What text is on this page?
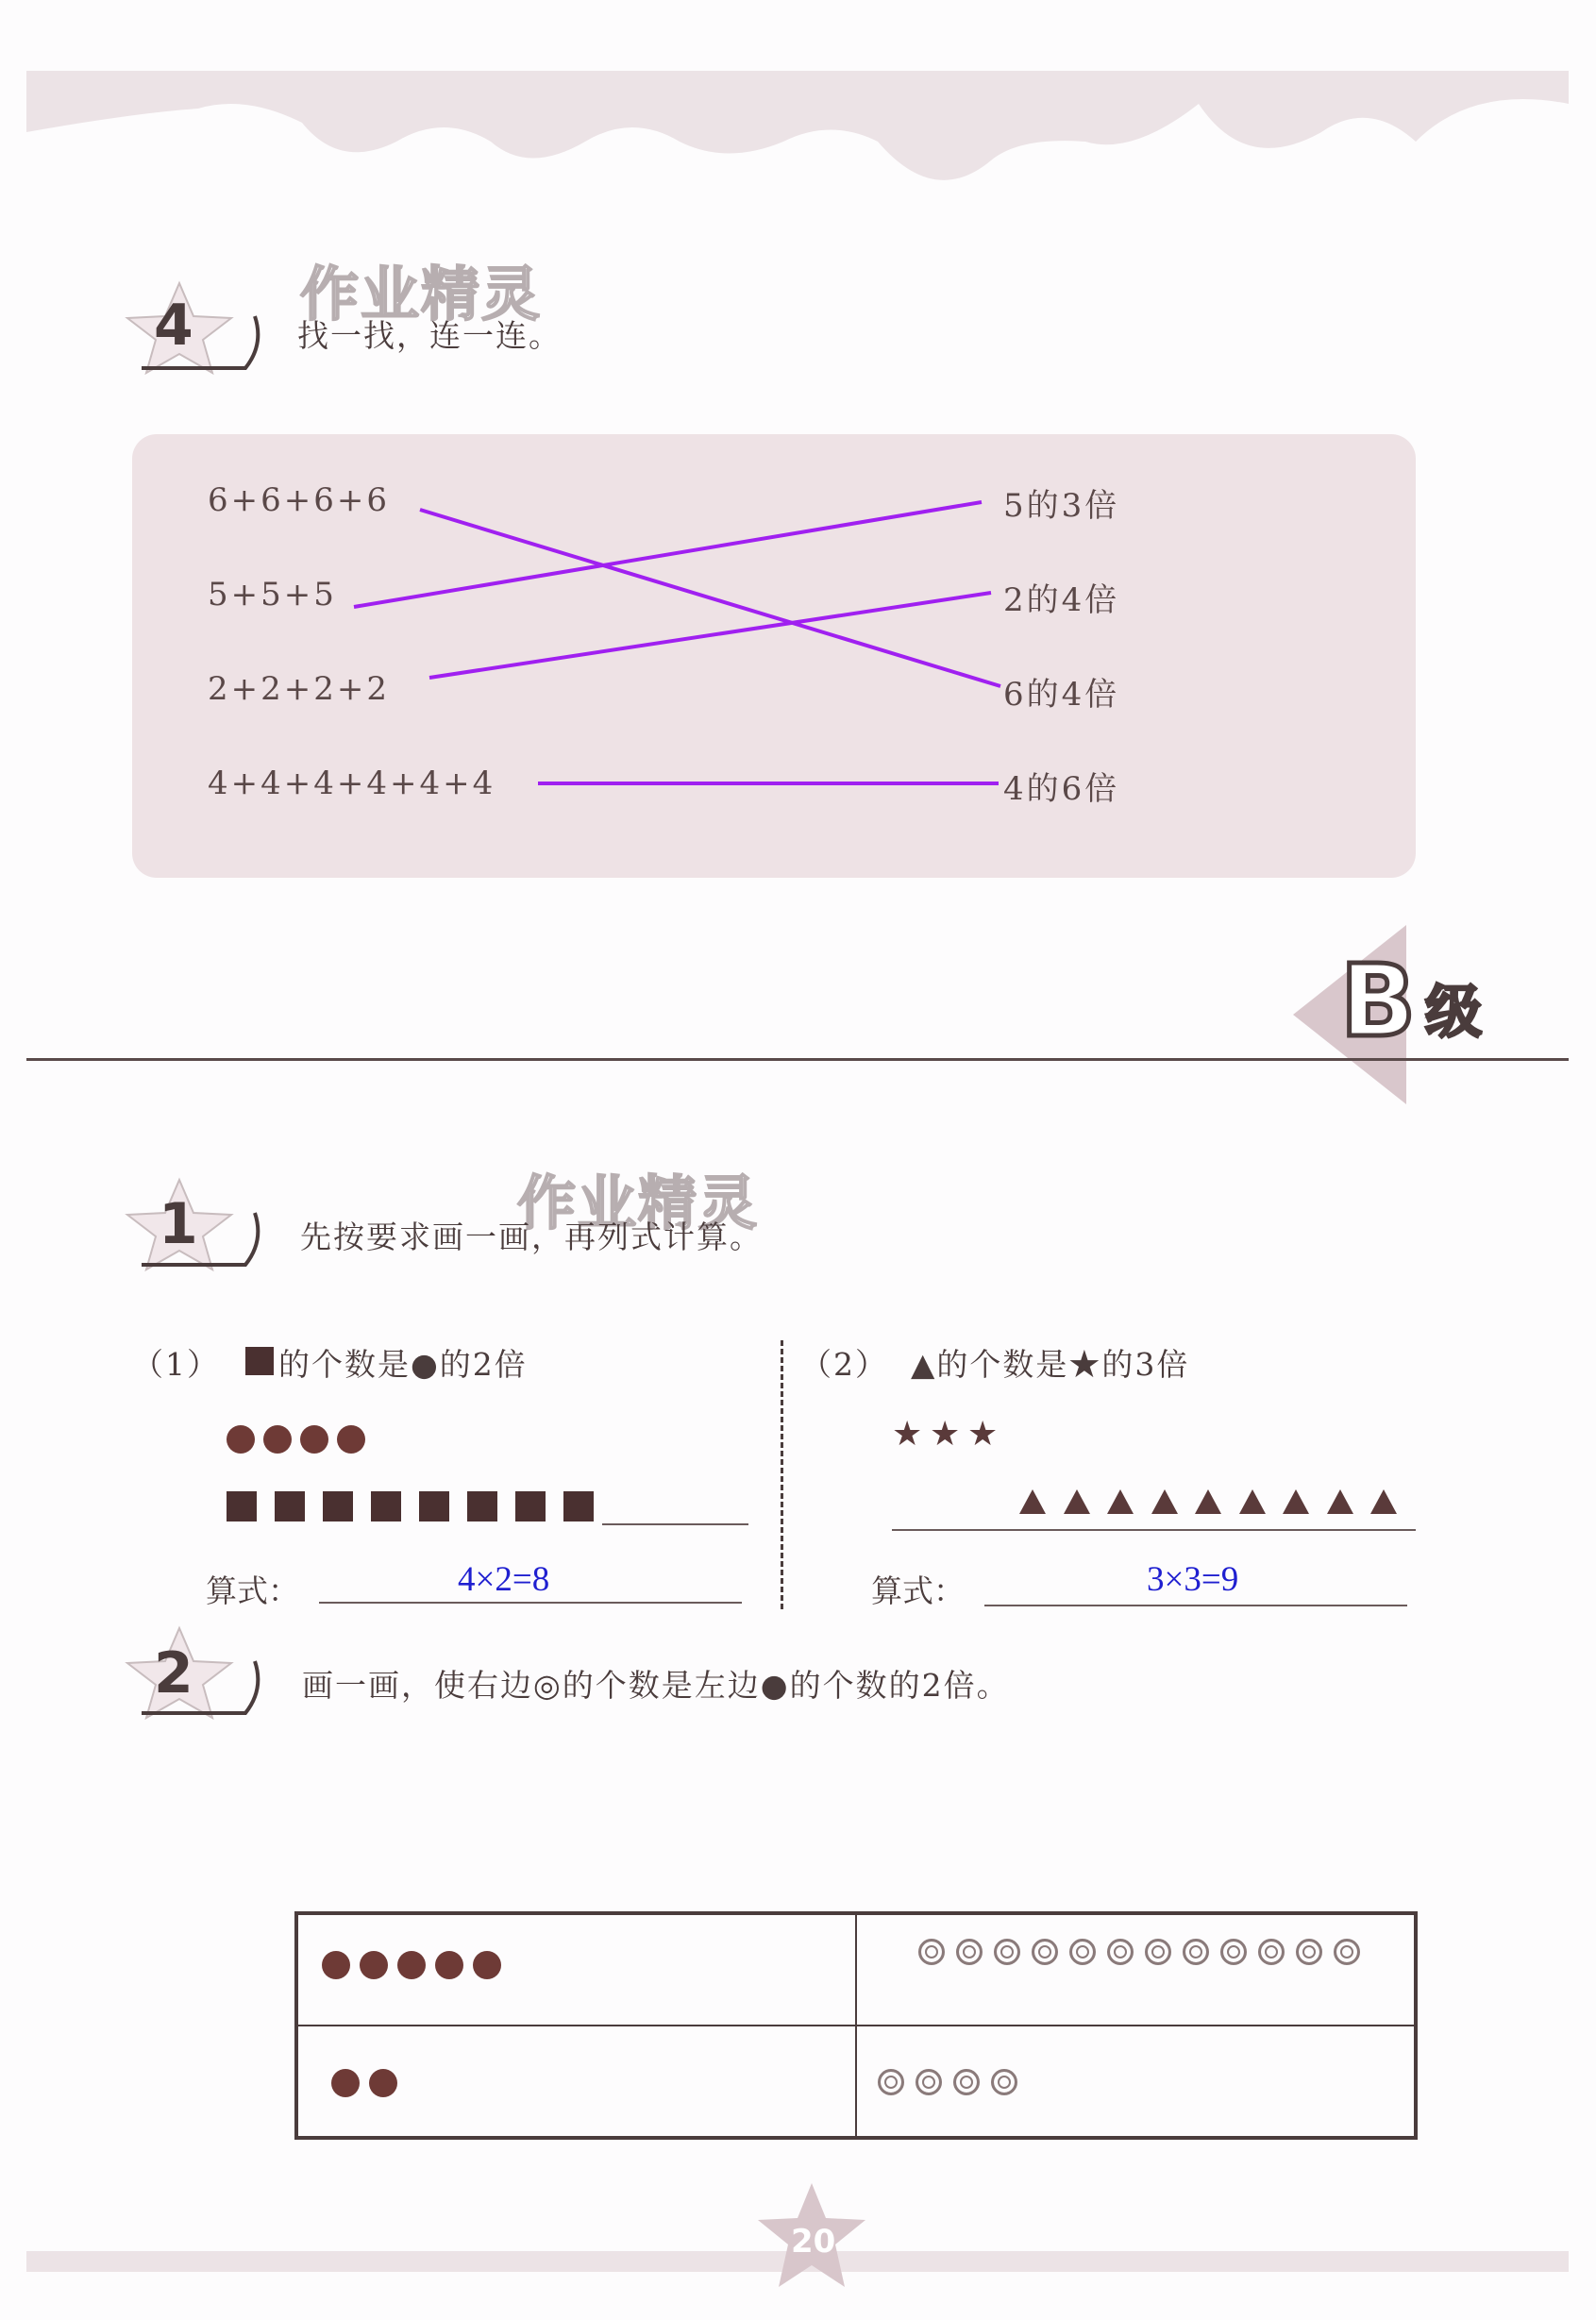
4 作业精灵
找一找，连一连。
6+6+6+6
5+5+5
2+2+2+2
4+4+4+4+4+4
5的3倍
2的4倍
6的4倍
4的6倍
B 级
1	作业精灵
先按要求画一画，再列式计算。
（1） 的个数是●的2倍
算式：	4×2=8
（2） ▲的个数是★的3倍
★ ★ ★
算式：	3×3=9
2	画一画，使右边◎的个数是左边●的个数的2倍。

20
